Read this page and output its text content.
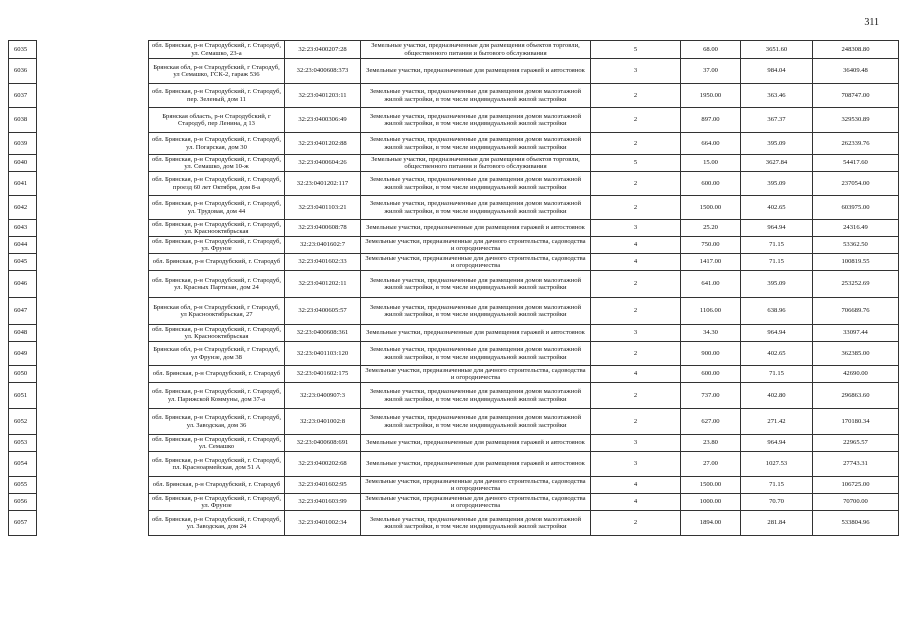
311
6035		обл. Брянская, р-н Стародубский, г. Стародуб, ул. Семашко, 23-а	32:23:0400207:28	Земельные участки, предназначенные для размещения объектов торговли, общественного питания и бытового обслуживания	5	68.00	3651.60	248308.80
6036		Брянская обл, р-н Стародубский, г Стародуб, ул Семашко, ГСК-2, гараж 536	32:23:0400608:373	Земельные участки, предназначенные для размещения гаражей и автостоянок	3	37.00	984.04	36409.48
6037		обл. Брянская, р-н Стародубский, г. Стародуб, пер. Зеленый, дом 11	32:23:0401203:11	Земельные участки, предназначенные для размещения домов малоэтажной жилой застройки, в том числе индивидуальной жилой застройки	2	1950.00	363.46	708747.00
6038		Брянская область, р-н Стародубский, г Стародуб, пер Ленина, д 13	32:23:0400306:49	Земельные участки, предназначенные для размещения домов малоэтажной жилой застройки, в том числе индивидуальной жилой застройки	2	897.00	367.37	329530.89
6039		обл. Брянская, р-н Стародубский, г. Стародуб, ул. Погарская, дом 30	32:23:0401202:88	Земельные участки, предназначенные для размещения домов малоэтажной жилой застройки, в том числе индивидуальной жилой застройки	2	664.00	395.09	262339.76
6040		обл. Брянская, р-н Стародубский, г. Стародуб, ул. Семашко, дом 10-ж	32:23:0400604:26	Земельные участки, предназначенные для размещения объектов торговли, общественного питания и бытового обслуживания	5	15.00	3627.84	54417.60
6041		обл. Брянская, р-н Стародубский, г. Стародуб, проезд 60 лет Октября, дом 8-а	32:23:0401202:117	Земельные участки, предназначенные для размещения домов малоэтажной жилой застройки, в том числе индивидуальной жилой застройки	2	600.00	395.09	237054.00
6042		обл. Брянская, р-н Стародубский, г. Стародуб, ул. Трудовая, дом 44	32:23:0401103:21	Земельные участки, предназначенные для размещения домов малоэтажной жилой застройки, в том числе индивидуальной жилой застройки	2	1500.00	402.65	603975.00
6043		обл. Брянская, р-н Стародубский, г. Стародуб, ул. Краснооктябрьская	32:23:0400608:78	Земельные участки, предназначенные для размещения гаражей и автостоянок	3	25.20	964.94	24316.49
6044		обл. Брянская, р-н Стародубский, г. Стародуб, ул. Фрунзе	32:23:0401602:7	Земельные участки, предназначенные для дачного строительства, садоводства и огородничества	4	750.00	71.15	53362.50
6045		обл. Брянская, р-н Стародубский, г. Стародуб	32:23:0401602:33	Земельные участки, предназначенные для дачного строительства, садоводства и огородничества	4	1417.00	71.15	100819.55
6046		обл. Брянская, р-н Стародубский, г. Стародуб, ул. Красных Партизан, дом 24	32:23:0401202:11	Земельные участки, предназначенные для размещения домов малоэтажной жилой застройки, в том числе индивидуальной жилой застройки	2	641.00	395.09	253252.69
6047		Брянская обл, р-н Стародубский, г Стародуб, ул Краснооктябрьская, 27	32:23:0400605:57	Земельные участки, предназначенные для размещения домов малоэтажной жилой застройки, в том числе индивидуальной жилой застройки	2	1106.00	638.96	706689.76
6048		обл. Брянская, р-н Стародубский, г. Стародуб, ул. Краснооктябрьская	32:23:0400608:361	Земельные участки, предназначенные для размещения гаражей и автостоянок	3	34.30	964.94	33097.44
6049		Брянская обл, р-н Стародубский, г Стародуб, ул Фрунзе, дом 38	32:23:0401103:120	Земельные участки, предназначенные для размещения домов малоэтажной жилой застройки, в том числе индивидуальной жилой застройки	2	900.00	402.65	362385.00
6050		обл. Брянская, р-н Стародубский, г. Стародуб	32:23:0401602:175	Земельные участки, предназначенные для дачного строительства, садоводства и огородничества	4	600.00	71.15	42690.00
6051		обл. Брянская, р-н Стародубский, г. Стародуб, ул. Парижской Коммуны, дом 37-а	32:23:0400907:3	Земельные участки, предназначенные для размещения домов малоэтажной жилой застройки, в том числе индивидуальной жилой застройки	2	737.00	402.80	296863.60
6052		обл. Брянская, р-н Стародубский, г. Стародуб, ул. Заводская, дом 36	32:23:0401002:8	Земельные участки, предназначенные для размещения домов малоэтажной жилой застройки, в том числе индивидуальной жилой застройки	2	627.00	271.42	170180.34
6053		обл. Брянская, р-н Стародубский, г. Стародуб, ул. Семашко	32:23:0400608:691	Земельные участки, предназначенные для размещения гаражей и автостоянок	3	23.80	964.94	22965.57
6054		обл. Брянская, р-н Стародубский, г. Стародуб, пл. Красноармейская, дом 51 А	32:23:0400202:68	Земельные участки, предназначенные для размещения гаражей и автостоянок	3	27.00	1027.53	27743.31
6055		обл. Брянская, р-н Стародубский, г. Стародуб	32:23:0401602:95	Земельные участки, предназначенные для дачного строительства, садоводства и огородничества	4	1500.00	71.15	106725.00
6056		обл. Брянская, р-н Стародубский, г. Стародуб, ул. Фрунзе	32:23:0401603:99	Земельные участки, предназначенные для дачного строительства, садоводства и огородничества	4	1000.00	70.70	70700.00
6057		обл. Брянская, р-н Стародубский, г. Стародуб, ул. Заводская, дом 24	32:23:0401002:34	Земельные участки, предназначенные для размещения домов малоэтажной жилой застройки, в том числе индивидуальной жилой застройки	2	1894.00	281.84	533804.96
